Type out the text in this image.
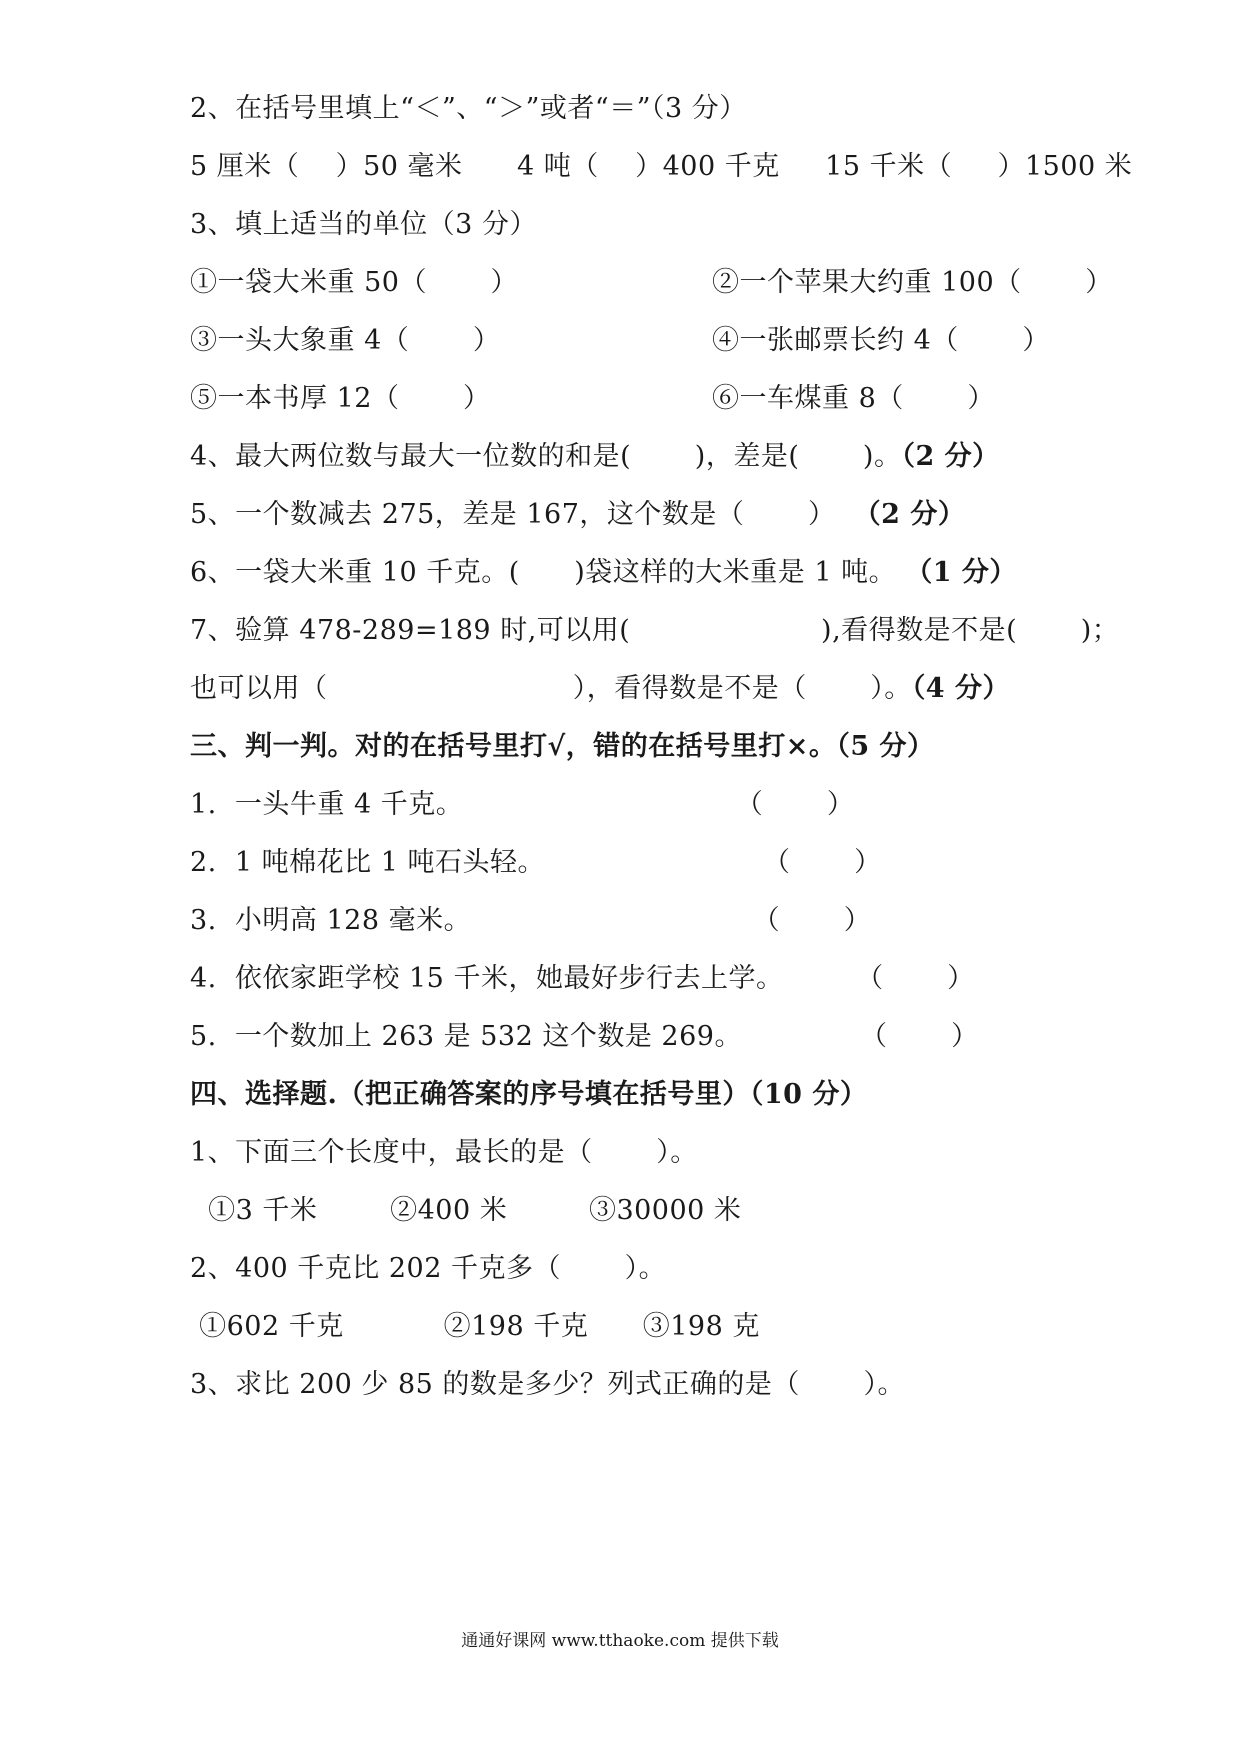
2、在括号里填上“＜”、“＞”或者“＝”（3 分）
5 厘米（    ）50 毫米      4 吨（    ）400 千克     15 千米（     ）1500 米
3、填上适当的单位（3 分）
①一袋大米重 50（       ）	②一个苹果大约重 100（       ）
③一头大象重 4（       ）	④一张邮票长约 4（       ）
⑤一本书厚 12（       ）	⑥一车煤重 8（       ）
4、最大两位数与最大一位数的和是(       )，差是(       )。（2 分）
5、一个数减去 275，差是 167，这个数是（       ） （2 分）
6、一袋大米重 10 千克。(      )袋这样的大米重是 1 吨。 （1 分）
7、验算 478-289=189 时,可以用(                     ),看得数是不是(       )；
也可以用（                           ），看得数是不是（       ）。（4 分）
三、判一判。对的在括号里打√，错的在括号里打×。（5 分）
1.  一头牛重 4 千克。                              （       ）
2.  1 吨棉花比 1 吨石头轻。                        （       ）
3.  小明高 128 毫米。                               （       ）
4.  依依家距学校 15 千米，她最好步行去上学。        （       ）
5.  一个数加上 263 是 532 这个数是 269。             （       ）
四、选择题.（把正确答案的序号填在括号里）（10 分）
1、下面三个长度中，最长的是（       ）。
①3 千米        ②400 米         ③30000 米
2、400 千克比 202 千克多（       ）。
①602 千克           ②198 千克      ③198 克
3、求比 200 少 85 的数是多少？列式正确的是（       ）。
通通好课网 www.tthaoke.com 提供下载
